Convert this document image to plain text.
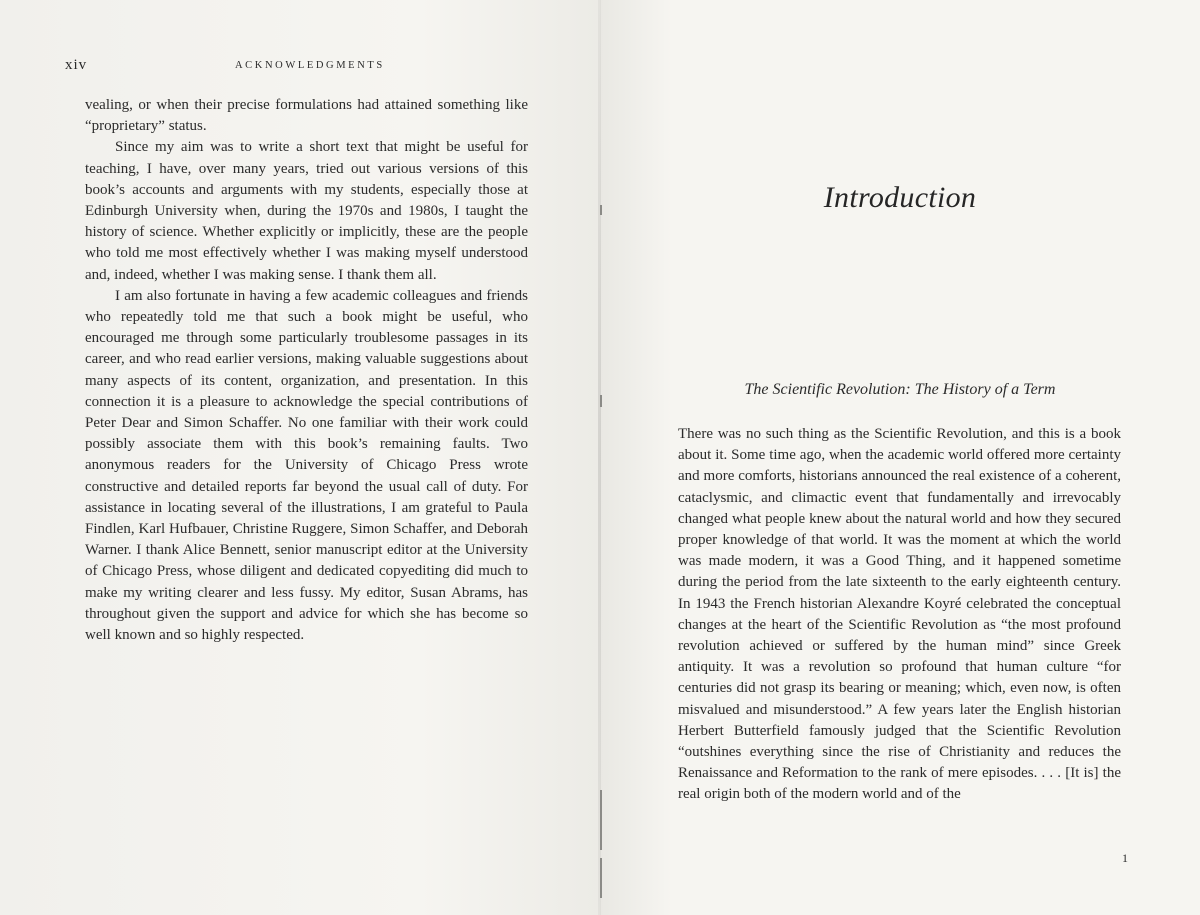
xiv	ACKNOWLEDGMENTS

vealing, or when their precise formulations had attained something like “proprietary” status.

Since my aim was to write a short text that might be useful for teaching, I have, over many years, tried out various versions of this book’s accounts and arguments with my students, especially those at Edinburgh University when, during the 1970s and 1980s, I taught the history of science. Whether explicitly or implicitly, these are the people who told me most effectively whether I was making myself understood and, indeed, whether I was making sense. I thank them all.

I am also fortunate in having a few academic colleagues and friends who repeatedly told me that such a book might be useful, who encouraged me through some particularly troublesome passages in its career, and who read earlier versions, making valuable suggestions about many aspects of its content, organization, and presentation. In this connection it is a pleasure to acknowledge the special contributions of Peter Dear and Simon Schaffer. No one familiar with their work could possibly associate them with this book’s remaining faults. Two anonymous readers for the University of Chicago Press wrote constructive and detailed reports far beyond the usual call of duty. For assistance in locating several of the illustrations, I am grateful to Paula Findlen, Karl Hufbauer, Christine Ruggere, Simon Schaffer, and Deborah Warner. I thank Alice Bennett, senior manuscript editor at the University of Chicago Press, whose diligent and dedicated copyediting did much to make my writing clearer and less fussy. My editor, Susan Abrams, has throughout given the support and advice for which she has become so well known and so highly respected.

Introduction
The Scientific Revolution: The History of a Term

There was no such thing as the Scientific Revolution, and this is a book about it. Some time ago, when the academic world offered more certainty and more comforts, historians announced the real existence of a coherent, cataclysmic, and climactic event that fundamentally and irrevocably changed what people knew about the natural world and how they secured proper knowledge of that world. It was the moment at which the world was made modern, it was a Good Thing, and it happened sometime during the period from the late sixteenth to the early eighteenth century. In 1943 the French historian Alexandre Koyré celebrated the conceptual changes at the heart of the Scientific Revolution as “the most profound revolution achieved or suffered by the human mind” since Greek antiquity. It was a revolution so profound that human culture “for centuries did not grasp its bearing or meaning; which, even now, is often misvalued and misunderstood.” A few years later the English historian Herbert Butterfield famously judged that the Scientific Revolution “outshines everything since the rise of Christianity and reduces the Renaissance and Reformation to the rank of mere episodes. . . . [It is] the real origin both of the modern world and of the

1
